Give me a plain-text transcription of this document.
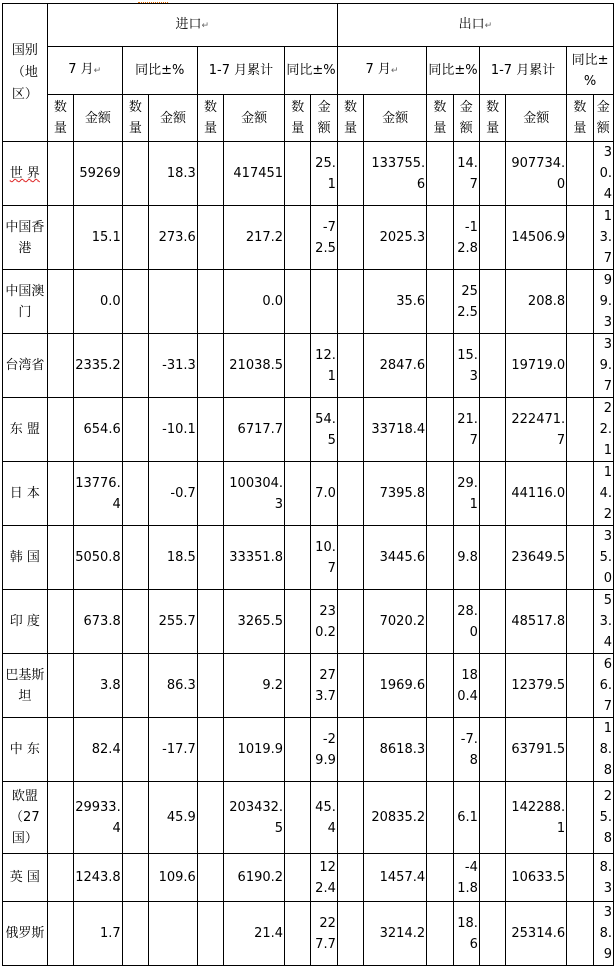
国别（地区）	进口↵								出口↵							
	7 月↵		同比±%		1-7 月累计		同比±%		7 月↵		同比±%		1-7 月累计		同比±%	
	数量	金额	数量	金额	数量	金额	数量	金额	数量	金额	数量	金额	数量	金额	数量	金额
世 界		59269		18.3		417451		25.1		133755.6		14.7		907734.0		30.4
中国香港		15.1		273.6		217.2		-72.5		2025.3		-12.8		14506.9		13.7
中国澳门		0.0				0.0				35.6		252.5		208.8		99.3
台湾省		2335.2		-31.3		21038.5		12.1		2847.6		15.3		19719.0		39.7
东 盟		654.6		-10.1		6717.7		54.5		33718.4		21.7		222471.7		22.1
日 本		13776.4		-0.7		100304.3		7.0		7395.8		29.1		44116.0		14.2
韩 国		5050.8		18.5		33351.8		10.7		3445.6		9.8		23649.5		35.0
印 度		673.8		255.7		3265.5		230.2		7020.2		28.0		48517.8		53.4
巴基斯坦		3.8		86.3		9.2		273.7		1969.6		180.4		12379.5		66.7
中 东		82.4		-17.7		1019.9		-29.9		8618.3		-7.8		63791.5		18.8
欧盟（27国）		29933.4		45.9		203432.5		45.4		20835.2		6.1		142288.1		25.8
英 国		1243.8		109.6		6190.2		122.4		1457.4		-41.8		10633.5		8.3
俄罗斯		1.7				21.4		227.7		3214.2		18.6		25314.6		38.9
